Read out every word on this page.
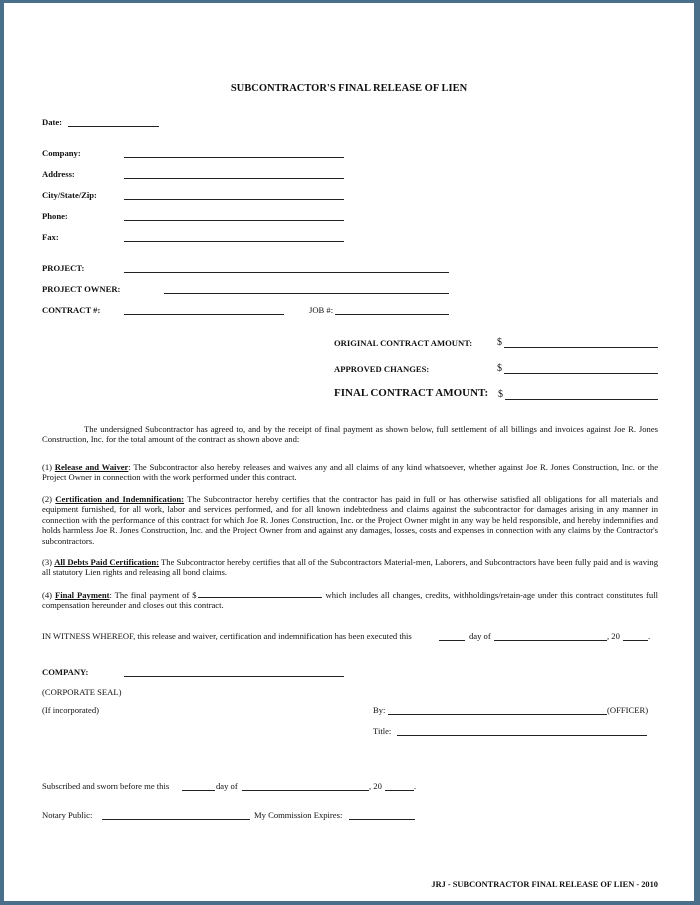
SUBCONTRACTOR'S FINAL RELEASE OF LIEN
Date:
Company:
Address:
City/State/Zip:
Phone:
Fax:
PROJECT:
PROJECT OWNER:
CONTRACT #:	JOB #:
ORIGINAL CONTRACT AMOUNT: $
APPROVED CHANGES:	$
FINAL CONTRACT AMOUNT: $
The undersigned Subcontractor has agreed to, and by the receipt of final payment as shown below, full settlement of all billings and invoices against Joe R. Jones Construction, Inc. for the total amount of the contract as shown above and:
(1) Release and Waiver: The Subcontractor also hereby releases and waives any and all claims of any kind whatsoever, whether against Joe R. Jones Construction, Inc. or the Project Owner in connection with the work performed under this contract.
(2) Certification and Indemnification: The Subcontractor hereby certifies that the contractor has paid in full or has otherwise satisfied all obligations for all materials and equipment furnished, for all work, labor and services performed, and for all known indebtedness and claims against the subcontractor for damages arising in any manner in connection with the performance of this contract for which Joe R. Jones Construction, Inc. or the Project Owner might in any way be held responsible, and hereby indemnifies and holds harmless Joe R. Jones Construction, Inc. and the Project Owner from and against any damages, losses, costs and expenses in connection with any claims by the Contractor's subcontractors.
(3) All Debts Paid Certification: The Subcontractor hereby certifies that all of the Subcontractors Material-men, Laborers, and Subcontractors have been fully paid and is waving all statutory Lien rights and releasing all bond claims.
(4) Final Payment: The final payment of $	which includes all changes, credits, withholdings/retain-age under this contract constitutes full compensation hereunder and closes out this contract.
IN WITNESS WHEREOF, this release and waiver, certification and indemnification has been executed this	day of	, 20	.
COMPANY:
(CORPORATE SEAL)
(If incorporated)	By:	(OFFICER)
Title:
Subscribed and sworn before me this	day of	, 20	.
Notary Public:	My Commission Expires:
JRJ - SUBCONTRACTOR FINAL RELEASE OF LIEN - 2010
